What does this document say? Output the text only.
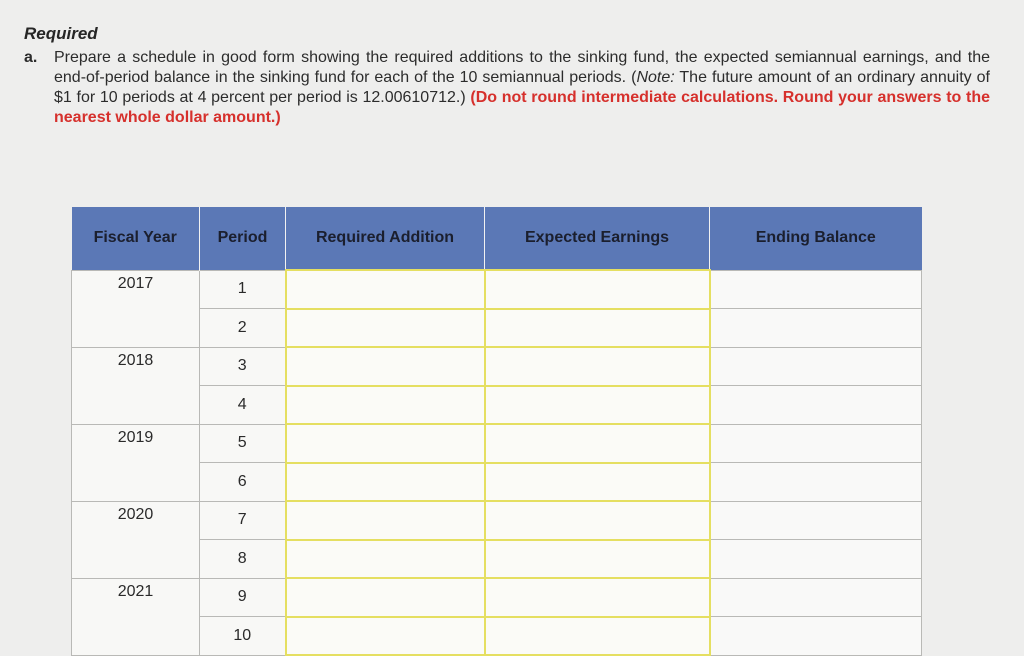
Required
a. Prepare a schedule in good form showing the required additions to the sinking fund, the expected semiannual earnings, and the end-of-period balance in the sinking fund for each of the 10 semiannual periods. (Note: The future amount of an ordinary annuity of $1 for 10 periods at 4 percent per period is 12.00610712.) (Do not round intermediate calculations. Round your answers to the nearest whole dollar amount.)
Fiscal Year	Period	Required Addition	Expected Earnings	Ending Balance
2017	1			
	2			
2018	3			
	4			
2019	5			
	6			
2020	7			
	8			
2021	9			
	10			
